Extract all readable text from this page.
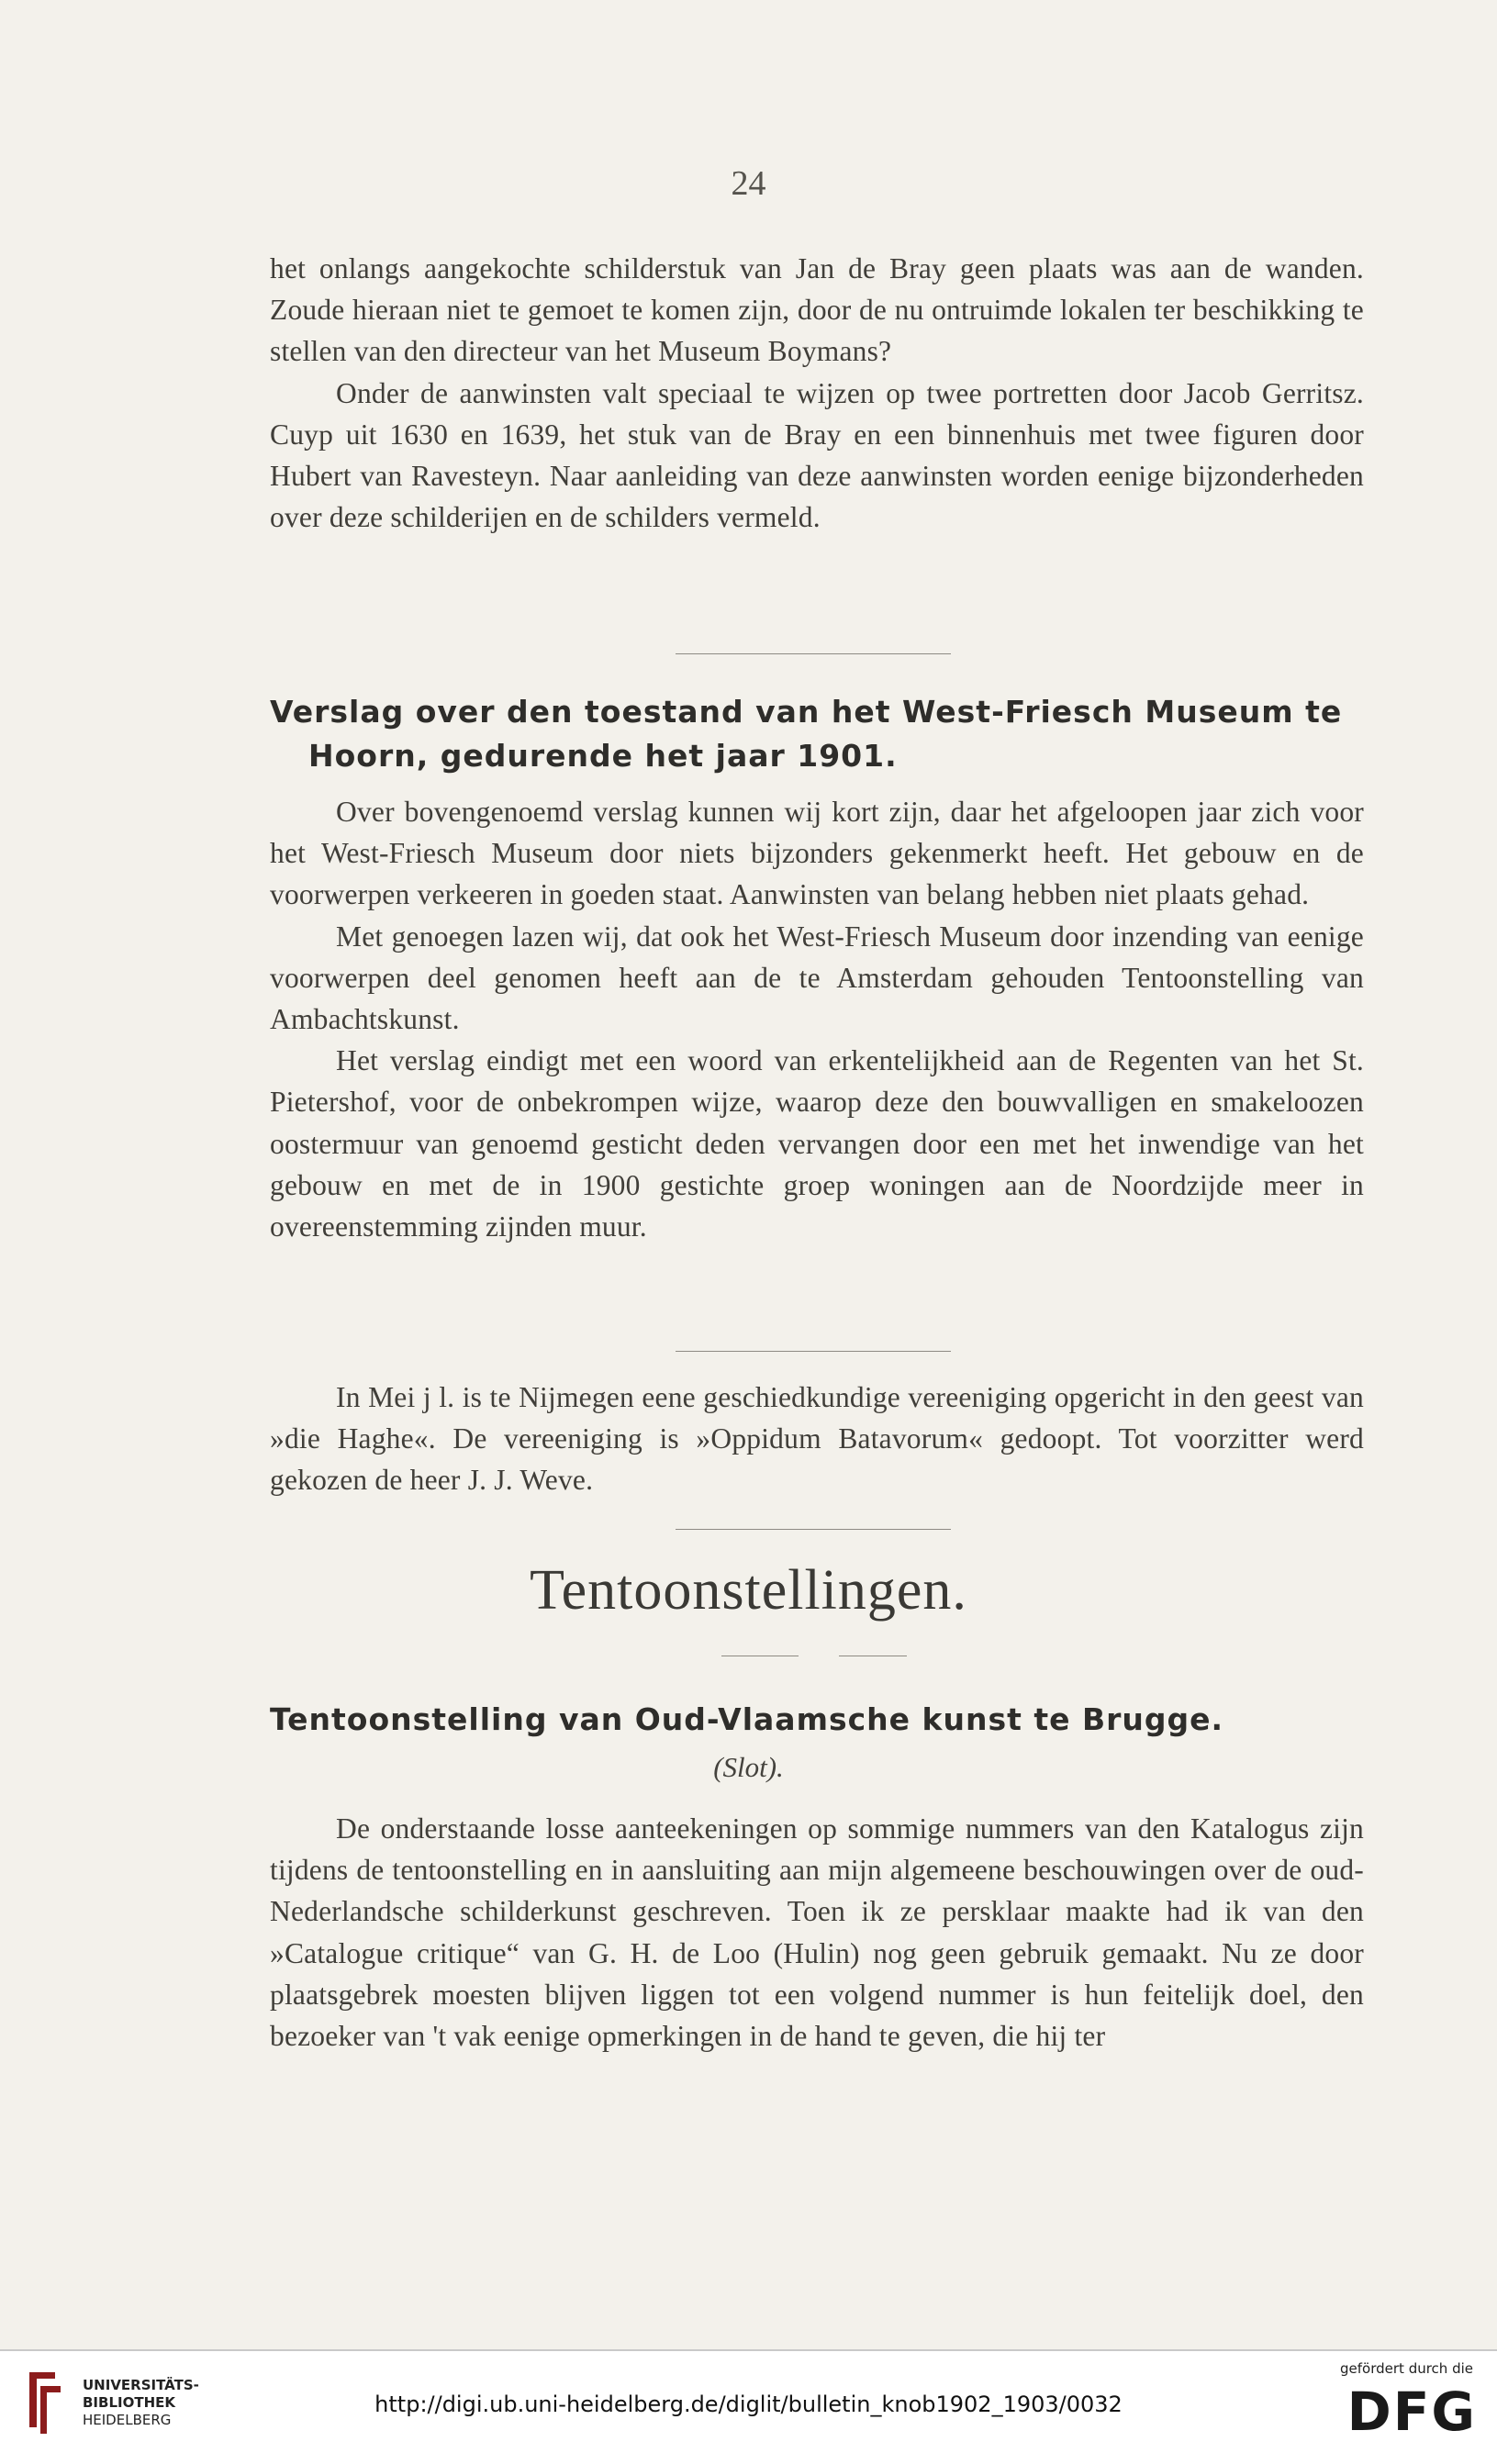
24

het onlangs aangekochte schilderstuk van Jan de Bray geen plaats was aan de wanden. Zoude hieraan niet te gemoet te komen zijn, door de nu ontruimde lokalen ter beschikking te stellen van den directeur van het Museum Boymans?

Onder de aanwinsten valt speciaal te wijzen op twee portretten door Jacob Gerritsz. Cuyp uit 1630 en 1639, het stuk van de Bray en een binnenhuis met twee figuren door Hubert van Ravesteyn. Naar aanleiding van deze aanwinsten worden eenige bijzonderheden over deze schilderijen en de schilders vermeld.

Verslag over den toestand van het West-Friesch Museum te
Hoorn, gedurende het jaar 1901.

Over bovengenoemd verslag kunnen wij kort zijn, daar het afgeloopen jaar zich voor het West-Friesch Museum door niets bijzonders gekenmerkt heeft. Het gebouw en de voorwerpen verkeeren in goeden staat. Aanwinsten van belang hebben niet plaats gehad.

Met genoegen lazen wij, dat ook het West-Friesch Museum door inzending van eenige voorwerpen deel genomen heeft aan de te Amsterdam gehouden Tentoonstelling van Ambachtskunst.

Het verslag eindigt met een woord van erkentelijkheid aan de Regenten van het St. Pietershof, voor de onbekrompen wijze, waarop deze den bouwvalligen en smakeloozen oostermuur van genoemd gesticht deden vervangen door een met het inwendige van het gebouw en met de in 1900 gestichte groep woningen aan de Noordzijde meer in overeenstemming zijnden muur.

In Mei j l. is te Nijmegen eene geschiedkundige vereeniging opgericht in den geest van »die Haghe«. De vereeniging is »Oppidum Batavorum« gedoopt. Tot voorzitter werd gekozen de heer J. J. Weve.

Tentoonstellingen.
Tentoonstelling van Oud-Vlaamsche kunst te Brugge.
(Slot).

De onderstaande losse aanteekeningen op sommige nummers van den Katalogus zijn tijdens de tentoonstelling en in aansluiting aan mijn algemeene beschouwingen over de oud-Nederlandsche schilderkunst geschreven. Toen ik ze persklaar maakte had ik van den »Catalogue critique“ van G. H. de Loo (Hulin) nog geen gebruik gemaakt. Nu ze door plaatsgebrek moesten blijven liggen tot een volgend nummer is hun feitelijk doel, den bezoeker van 't vak eenige opmerkingen in de hand te geven, die hij ter

UNIVERSITÄTS-
BIBLIOTHEK
HEIDELBERG
http://digi.ub.uni-heidelberg.de/diglit/bulletin_knob1902_1903/0032
gefördert durch die
DFG
